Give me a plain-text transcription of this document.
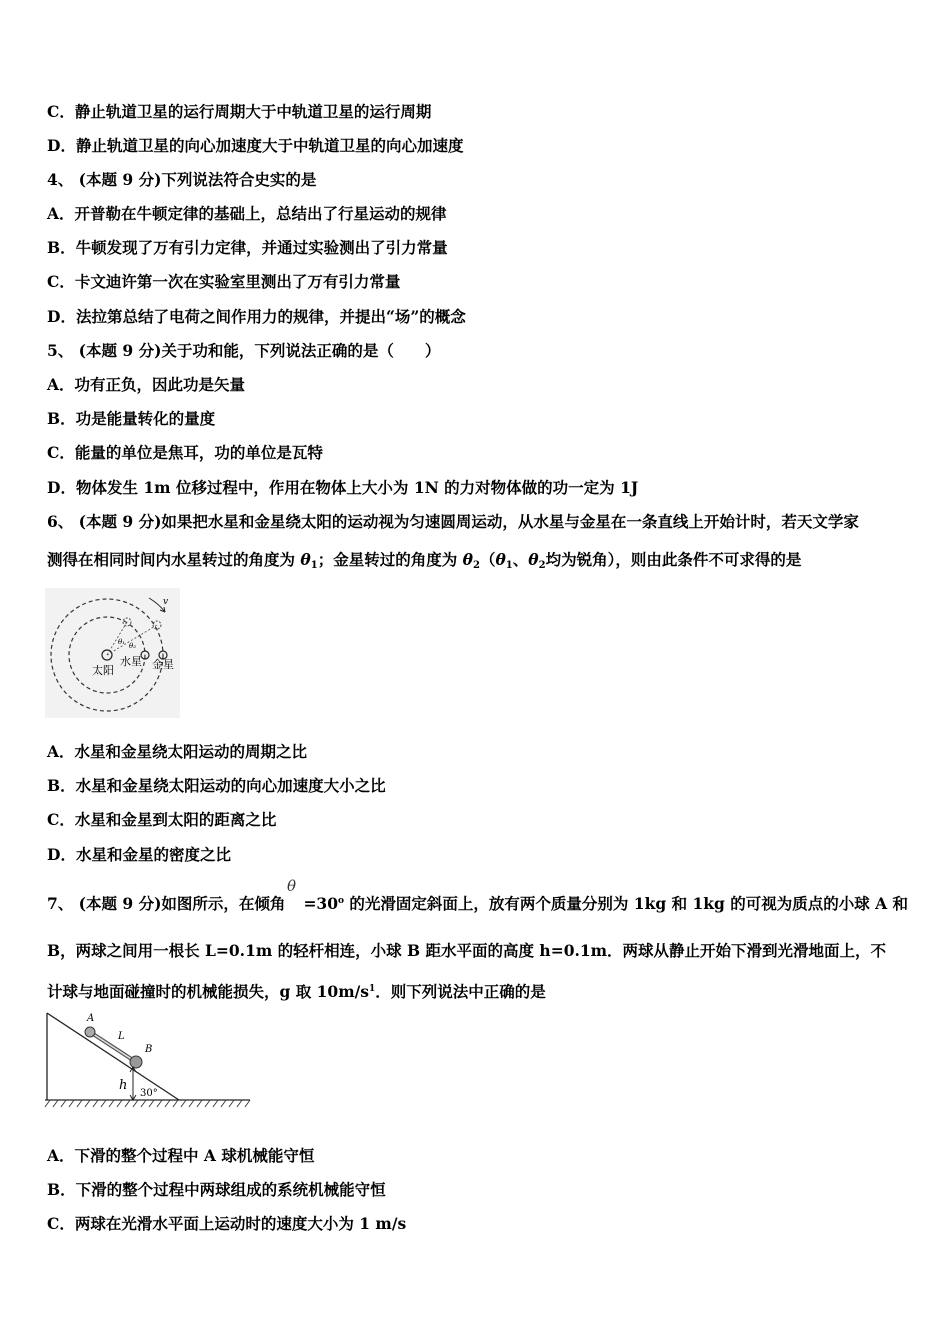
C．静止轨道卫星的运行周期大于中轨道卫星的运行周期
D．静止轨道卫星的向心加速度大于中轨道卫星的向心加速度
4、 (本题 9 分)下列说法符合史实的是
A．开普勒在牛顿定律的基础上，总结出了行星运动的规律
B．牛顿发现了万有引力定律，并通过实验测出了引力常量
C．卡文迪许第一次在实验室里测出了万有引力常量
D．法拉第总结了电荷之间作用力的规律，并提出“场”的概念
5、 (本题 9 分)关于功和能，下列说法正确的是（　　）
A．功有正负，因此功是矢量
B．功是能量转化的量度
C．能量的单位是焦耳，功的单位是瓦特
D．物体发生 1m 位移过程中，作用在物体上大小为 1N 的力对物体做的功一定为 1J
6、 (本题 9 分)如果把水星和金星绕太阳的运动视为匀速圆周运动，从水星与金星在一条直线上开始计时，若天文学家
测得在相同时间内水星转过的角度为 $\theta_1$；金星转过的角度为 $\theta_2(\theta_1$、$\theta_2$均为锐角），则由此条件不可求得的是
v
θ₁ θ₂
太阳
水星 金星
A．水星和金星绕太阳运动的周期之比
B．水星和金星绕太阳运动的向心加速度大小之比
C．水星和金星到太阳的距离之比
D．水星和金星的密度之比
θ
7、 (本题 9 分)如图所示，在倾角 $=30^o$ 的光滑固定斜面上，放有两个质量分别为 1kg 和 1kg 的可视为质点的小球 A 和
B，两球之间用一根长 L=0.1m 的轻杆相连，小球 B 距水平面的高度 h=0.1m．两球从静止开始下滑到光滑地面上，不
计球与地面碰撞时的机械能损失，g 取 $10m/s^1$．则下列说法中正确的是
A
L
B
h
30°
A．下滑的整个过程中 A 球机械能守恒
B．下滑的整个过程中两球组成的系统机械能守恒
C．两球在光滑水平面上运动时的速度大小为 1 m/s
